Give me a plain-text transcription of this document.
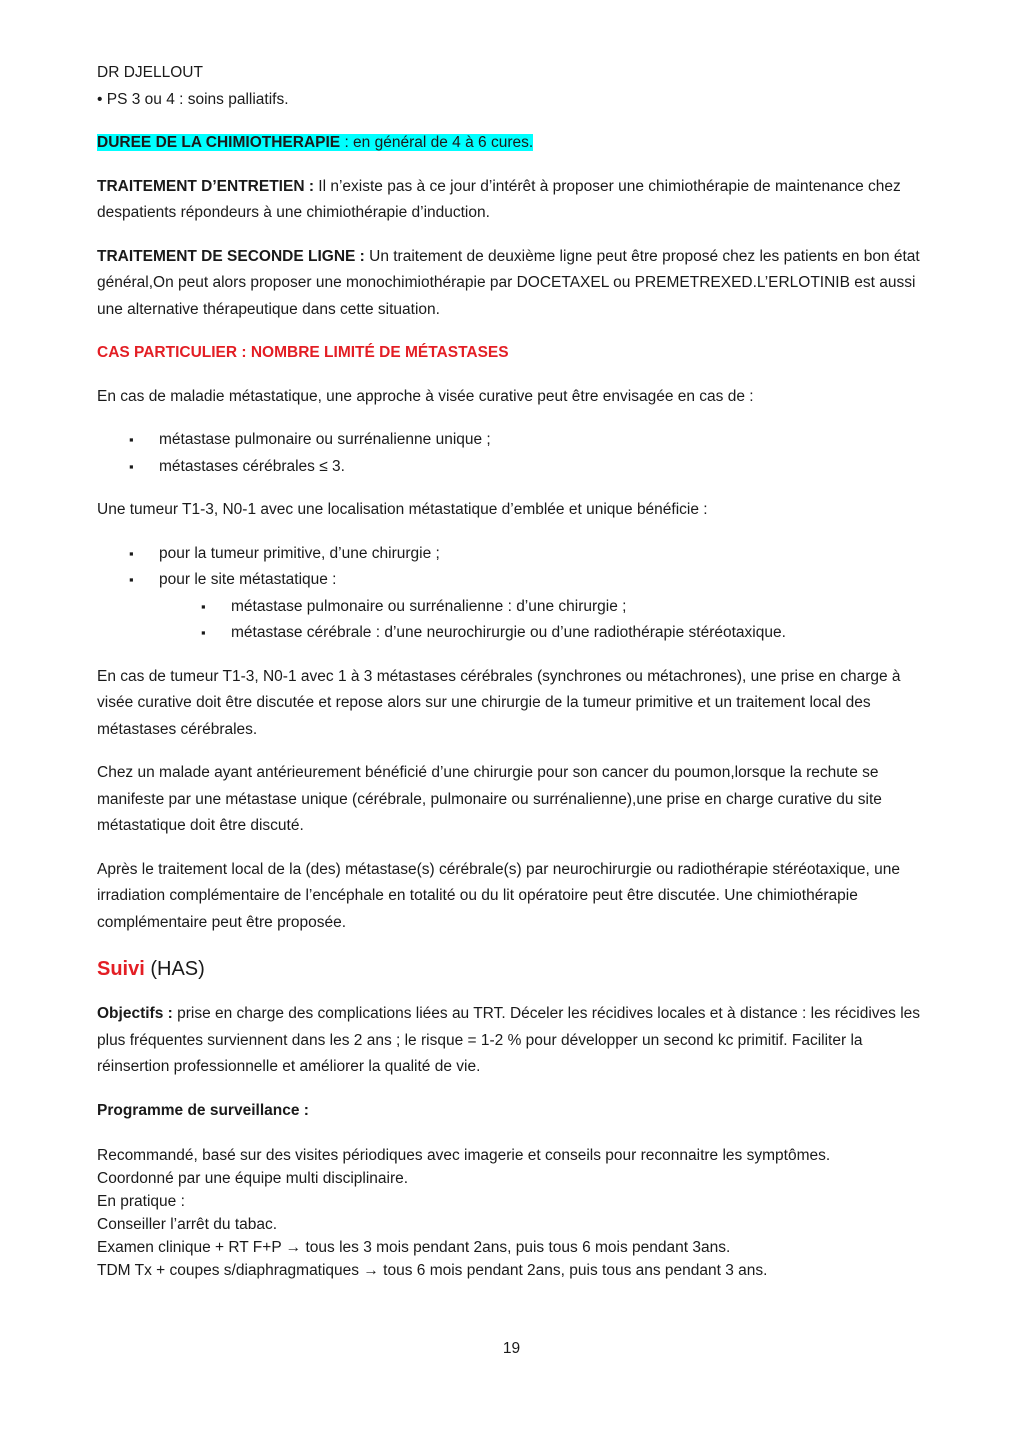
DR DJELLOUT

• PS 3 ou 4 : soins palliatifs.

DUREE DE LA CHIMIOTHERAPIE : en général de 4 à 6 cures.

TRAITEMENT D’ENTRETIEN : Il n’existe pas à ce jour d’intérêt à proposer une chimiothérapie de maintenance chez despatients répondeurs à une chimiothérapie d’induction.

TRAITEMENT DE SECONDE LIGNE : Un traitement de deuxième ligne peut être proposé chez les patients en bon état général,On peut alors proposer une monochimiothérapie par DOCETAXEL ou PREMETREXED.L’ERLOTINIB est aussi une alternative thérapeutique dans cette situation.

CAS PARTICULIER : NOMBRE LIMITÉ DE MÉTASTASES

En cas de maladie métastatique, une approche à visée curative peut être envisagée en cas de :

▪ métastase pulmonaire ou surrénalienne unique ;
▪ métastases cérébrales ≤ 3.

Une tumeur T1-3, N0-1 avec une localisation métastatique d’emblée et unique bénéficie :

▪ pour la tumeur primitive, d’une chirurgie ;
▪ pour le site métastatique :
▪ métastase pulmonaire ou surrénalienne : d’une chirurgie ;
▪ métastase cérébrale : d’une neurochirurgie ou d’une radiothérapie stéréotaxique.

En cas de tumeur T1-3, N0-1 avec 1 à 3 métastases cérébrales (synchrones ou métachrones), une prise en charge à visée curative doit être discutée et repose alors sur une chirurgie de la tumeur primitive et un traitement local des métastases cérébrales.

Chez un malade ayant antérieurement bénéficié d’une chirurgie pour son cancer du poumon,lorsque la rechute se manifeste par une métastase unique (cérébrale, pulmonaire ou surrénalienne),une prise en charge curative du site métastatique doit être discuté.

Après le traitement local de la (des) métastase(s) cérébrale(s) par neurochirurgie ou radiothérapie stéréotaxique, une irradiation complémentaire de l’encéphale en totalité ou du lit opératoire peut être discutée. Une chimiothérapie complémentaire peut être proposée.

Suivi (HAS)

Objectifs : prise en charge des complications liées au TRT. Déceler les récidives locales et à distance : les récidives les plus fréquentes surviennent dans les 2 ans ; le risque = 1-2 % pour développer un second kc primitif. Faciliter la réinsertion professionnelle et améliorer la qualité de vie.

Programme de surveillance :

Recommandé, basé sur des visites périodiques avec imagerie et conseils pour reconnaitre les symptômes.

Coordonné par une équipe multi disciplinaire.

En pratique :

Conseiller l’arrêt du tabac.

Examen clinique + RT F+P → tous les 3 mois pendant 2ans, puis tous 6 mois pendant 3ans.

TDM Tx + coupes s/diaphragmatiques → tous 6 mois pendant 2ans, puis tous ans pendant 3 ans.

19
